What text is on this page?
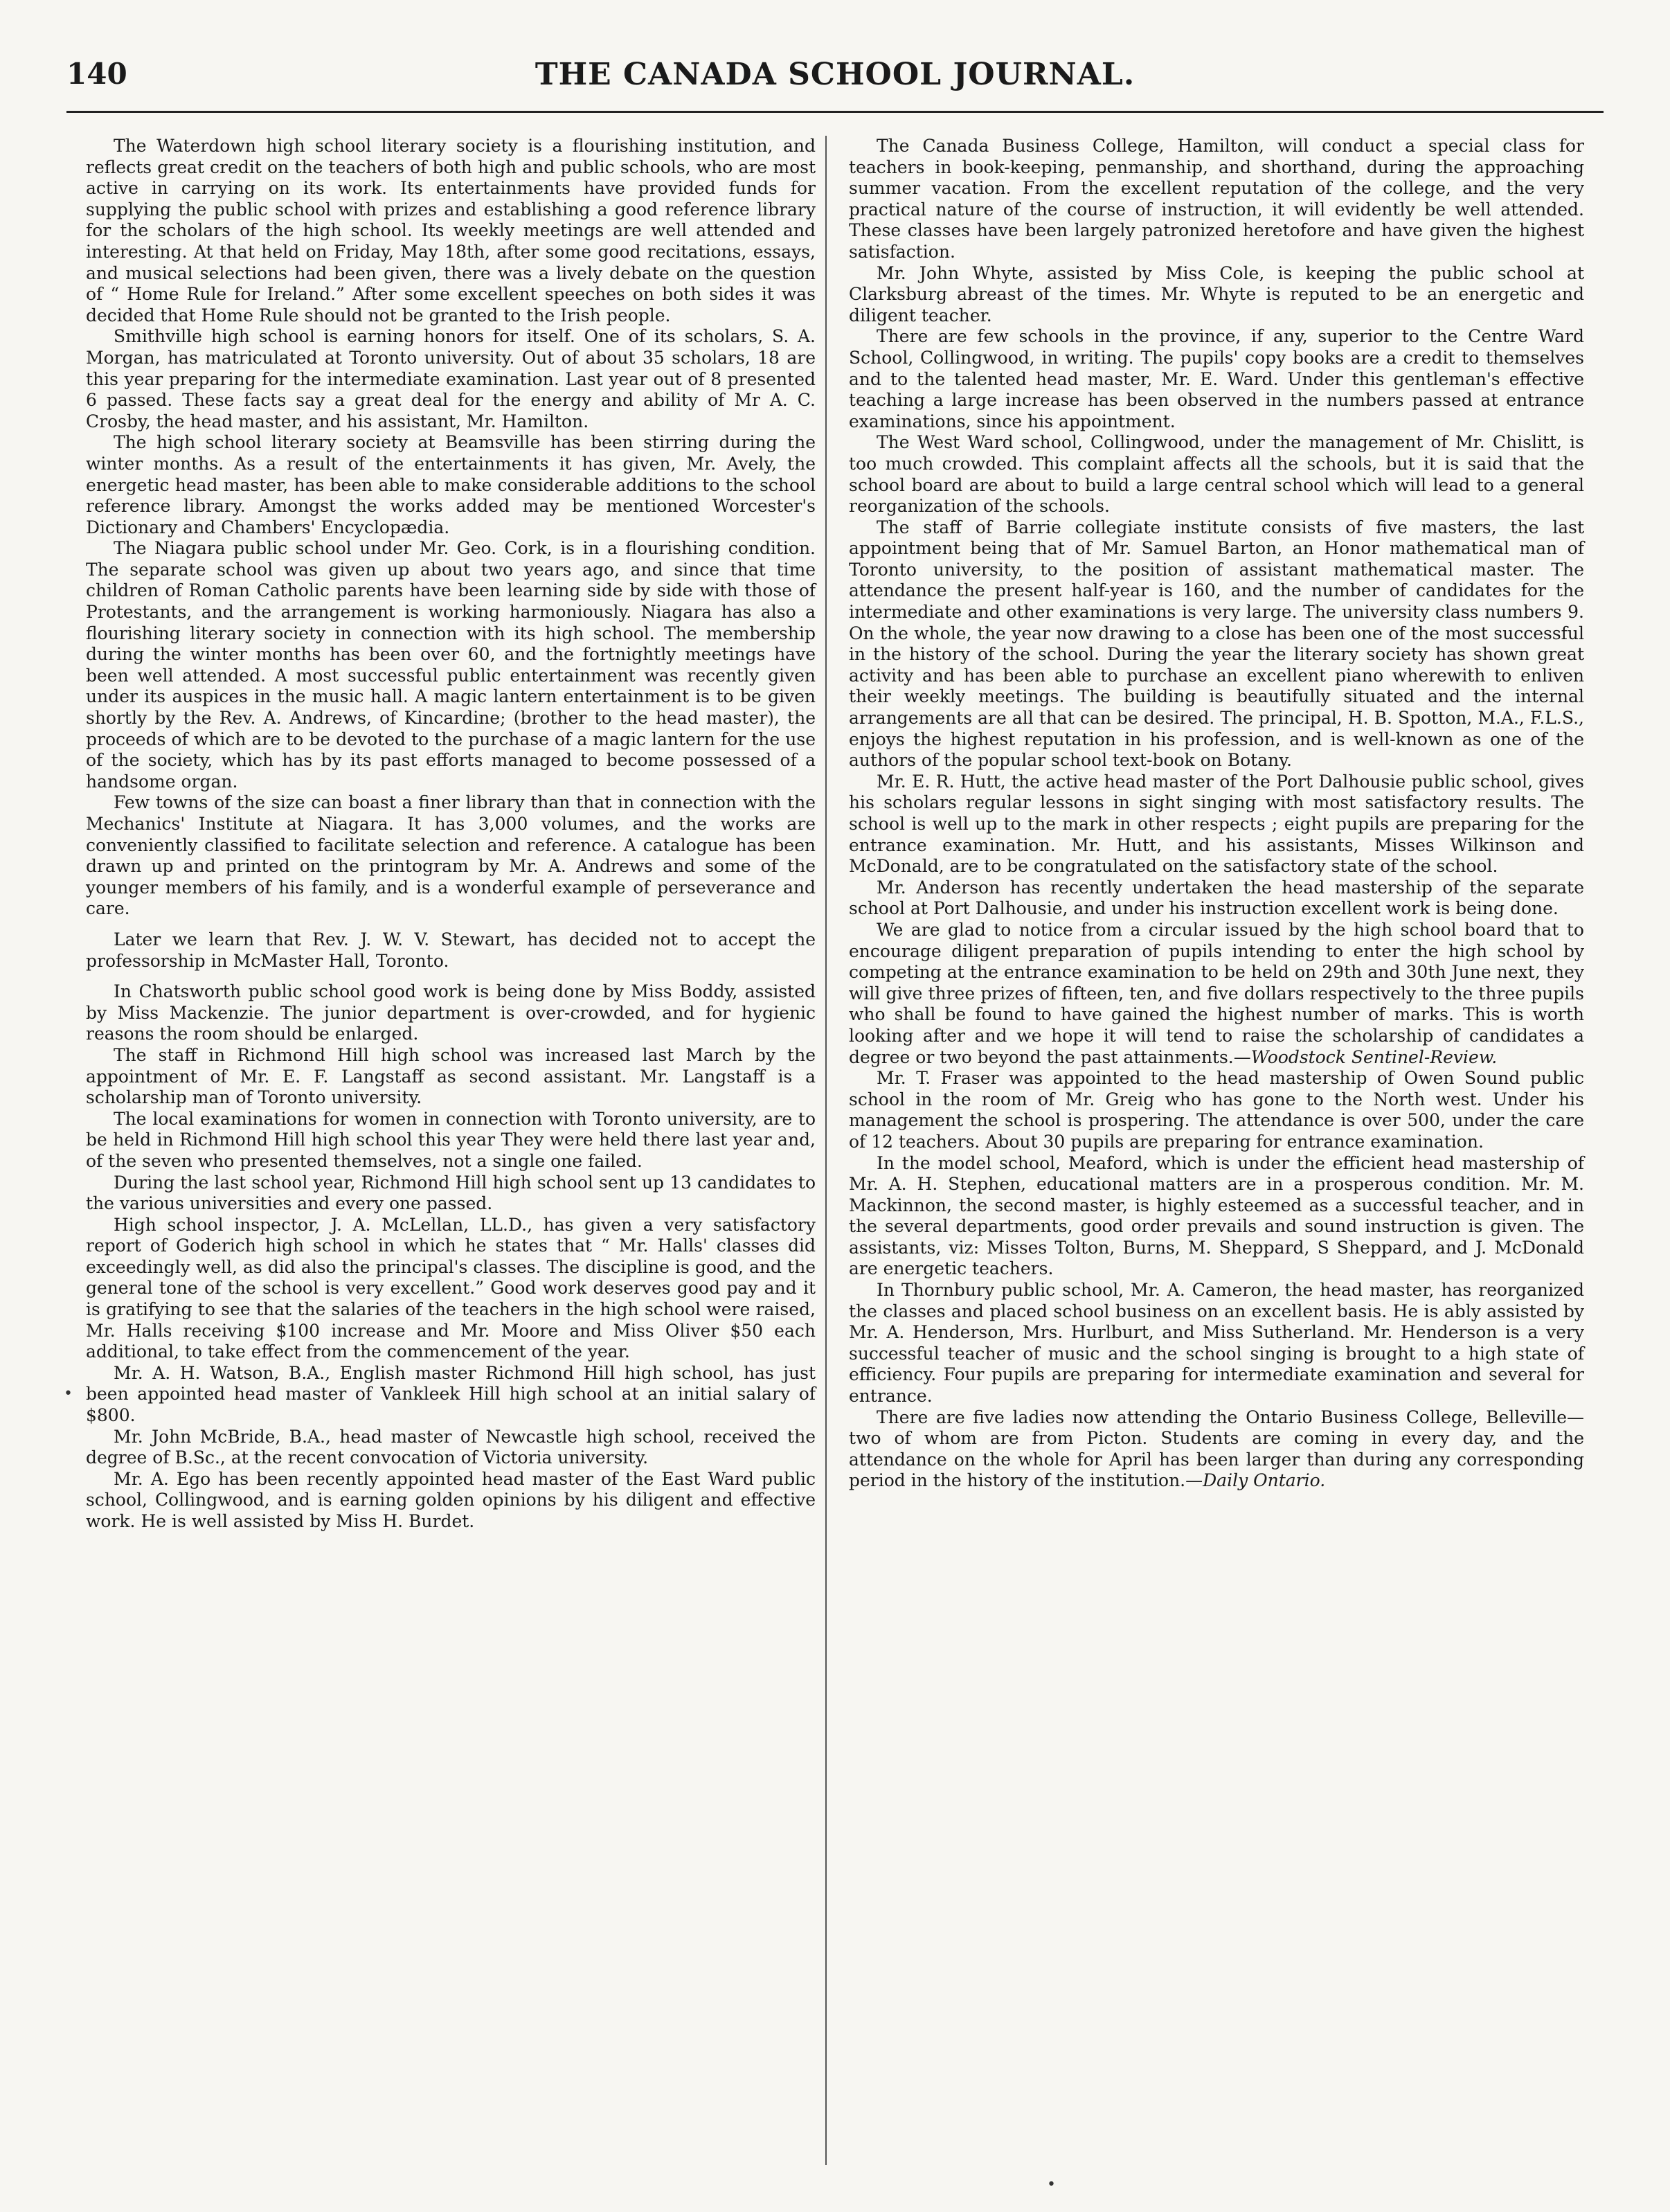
140	THE CANADA SCHOOL JOURNAL.

The Waterdown high school literary society is a flourishing institution, and reflects great credit on the teachers of both high and public schools, who are most active in carrying on its work. Its entertainments have provided funds for supplying the public school with prizes and establishing a good reference library for the scholars of the high school. Its weekly meetings are well attended and interesting. At that held on Friday, May 18th, after some good recitations, essays, and musical selections had been given, there was a lively debate on the question of “ Home Rule for Ireland.” After some excellent speeches on both sides it was decided that Home Rule should not be granted to the Irish people.

Smithville high school is earning honors for itself. One of its scholars, S. A. Morgan, has matriculated at Toronto university. Out of about 35 scholars, 18 are this year preparing for the intermediate examination. Last year out of 8 presented 6 passed. These facts say a great deal for the energy and ability of Mr A. C. Crosby, the head master, and his assistant, Mr. Hamilton.

The high school literary society at Beamsville has been stirring during the winter months. As a result of the entertainments it has given, Mr. Avely, the energetic head master, has been able to make considerable additions to the school reference library. Amongst the works added may be mentioned Worcester's Dictionary and Chambers' Encyclopædia.

The Niagara public school under Mr. Geo. Cork, is in a flourishing condition. The separate school was given up about two years ago, and since that time children of Roman Catholic parents have been learning side by side with those of Protestants, and the arrangement is working harmoniously. Niagara has also a flourishing literary society in connection with its high school. The membership during the winter months has been over 60, and the fortnightly meetings have been well attended. A most successful public entertainment was recently given under its auspices in the music hall. A magic lantern entertainment is to be given shortly by the Rev. A. Andrews, of Kincardine; (brother to the head master), the proceeds of which are to be devoted to the purchase of a magic lantern for the use of the society, which has by its past efforts managed to become possessed of a handsome organ.

Few towns of the size can boast a finer library than that in connection with the Mechanics' Institute at Niagara. It has 3,000 volumes, and the works are conveniently classified to facilitate selection and reference. A catalogue has been drawn up and printed on the printogram by Mr. A. Andrews and some of the younger members of his family, and is a wonderful example of perseverance and care.

Later we learn that Rev. J. W. V. Stewart, has decided not to accept the professorship in McMaster Hall, Toronto.

In Chatsworth public school good work is being done by Miss Boddy, assisted by Miss Mackenzie. The junior department is over-crowded, and for hygienic reasons the room should be enlarged.

The staff in Richmond Hill high school was increased last March by the appointment of Mr. E. F. Langstaff as second assistant. Mr. Langstaff is a scholarship man of Toronto university.

The local examinations for women in connection with Toronto university, are to be held in Richmond Hill high school this year They were held there last year and, of the seven who presented themselves, not a single one failed.

During the last school year, Richmond Hill high school sent up 13 candidates to the various universities and every one passed.

High school inspector, J. A. McLellan, LL.D., has given a very satisfactory report of Goderich high school in which he states that “ Mr. Halls' classes did exceedingly well, as did also the principal's classes. The discipline is good, and the general tone of the school is very excellent.” Good work deserves good pay and it is gratifying to see that the salaries of the teachers in the high school were raised, Mr. Halls receiving $100 increase and Mr. Moore and Miss Oliver $50 each additional, to take effect from the commencement of the year.

Mr. A. H. Watson, B.A., English master Richmond Hill high school, has just been appointed head master of Vankleek Hill high school at an initial salary of $800.

Mr. John McBride, B.A., head master of Newcastle high school, received the degree of B.Sc., at the recent convocation of Victoria university.

Mr. A. Ego has been recently appointed head master of the East Ward public school, Collingwood, and is earning golden opinions by his diligent and effective work. He is well assisted by Miss H. Burdet.

The Canada Business College, Hamilton, will conduct a special class for teachers in book-keeping, penmanship, and shorthand, during the approaching summer vacation. From the excellent reputation of the college, and the very practical nature of the course of instruction, it will evidently be well attended. These classes have been largely patronized heretofore and have given the highest satisfaction.

Mr. John Whyte, assisted by Miss Cole, is keeping the public school at Clarksburg abreast of the times. Mr. Whyte is reputed to be an energetic and diligent teacher.

There are few schools in the province, if any, superior to the Centre Ward School, Collingwood, in writing. The pupils' copy books are a credit to themselves and to the talented head master, Mr. E. Ward. Under this gentleman's effective teaching a large increase has been observed in the numbers passed at entrance examinations, since his appointment.

The West Ward school, Collingwood, under the management of Mr. Chislitt, is too much crowded. This complaint affects all the schools, but it is said that the school board are about to build a large central school which will lead to a general reorganization of the schools.

The staff of Barrie collegiate institute consists of five masters, the last appointment being that of Mr. Samuel Barton, an Honor mathematical man of Toronto university, to the position of assistant mathematical master. The attendance the present half-year is 160, and the number of candidates for the intermediate and other examinations is very large. The university class numbers 9. On the whole, the year now drawing to a close has been one of the most successful in the history of the school. During the year the literary society has shown great activity and has been able to purchase an excellent piano wherewith to enliven their weekly meetings. The building is beautifully situated and the internal arrangements are all that can be desired. The principal, H. B. Spotton, M.A., F.L.S., enjoys the highest reputation in his profession, and is well-known as one of the authors of the popular school text-book on Botany.

Mr. E. R. Hutt, the active head master of the Port Dalhousie public school, gives his scholars regular lessons in sight singing with most satisfactory results. The school is well up to the mark in other respects ; eight pupils are preparing for the entrance examination. Mr. Hutt, and his assistants, Misses Wilkinson and McDonald, are to be congratulated on the satisfactory state of the school.

Mr. Anderson has recently undertaken the head mastership of the separate school at Port Dalhousie, and under his instruction excellent work is being done.

We are glad to notice from a circular issued by the high school board that to encourage diligent preparation of pupils intending to enter the high school by competing at the entrance examination to be held on 29th and 30th June next, they will give three prizes of fifteen, ten, and five dollars respectively to the three pupils who shall be found to have gained the highest number of marks. This is worth looking after and we hope it will tend to raise the scholarship of candidates a degree or two beyond the past attainments.—Woodstock Sentinel-Review.

Mr. T. Fraser was appointed to the head mastership of Owen Sound public school in the room of Mr. Greig who has gone to the North west. Under his management the school is prospering. The attendance is over 500, under the care of 12 teachers. About 30 pupils are preparing for entrance examination.

In the model school, Meaford, which is under the efficient head mastership of Mr. A. H. Stephen, educational matters are in a prosperous condition. Mr. M. Mackinnon, the second master, is highly esteemed as a successful teacher, and in the several departments, good order prevails and sound instruction is given. The assistants, viz: Misses Tolton, Burns, M. Sheppard, S Sheppard, and J. McDonald are energetic teachers.

In Thornbury public school, Mr. A. Cameron, the head master, has reorganized the classes and placed school business on an excellent basis. He is ably assisted by Mr. A. Henderson, Mrs. Hurlburt, and Miss Sutherland. Mr. Henderson is a very successful teacher of music and the school singing is brought to a high state of efficiency. Four pupils are preparing for intermediate examination and several for entrance.

There are five ladies now attending the Ontario Business College, Belleville—two of whom are from Picton. Students are coming in every day, and the attendance on the whole for April has been larger than during any corresponding period in the history of the institution.—Daily Ontario.

•
•
